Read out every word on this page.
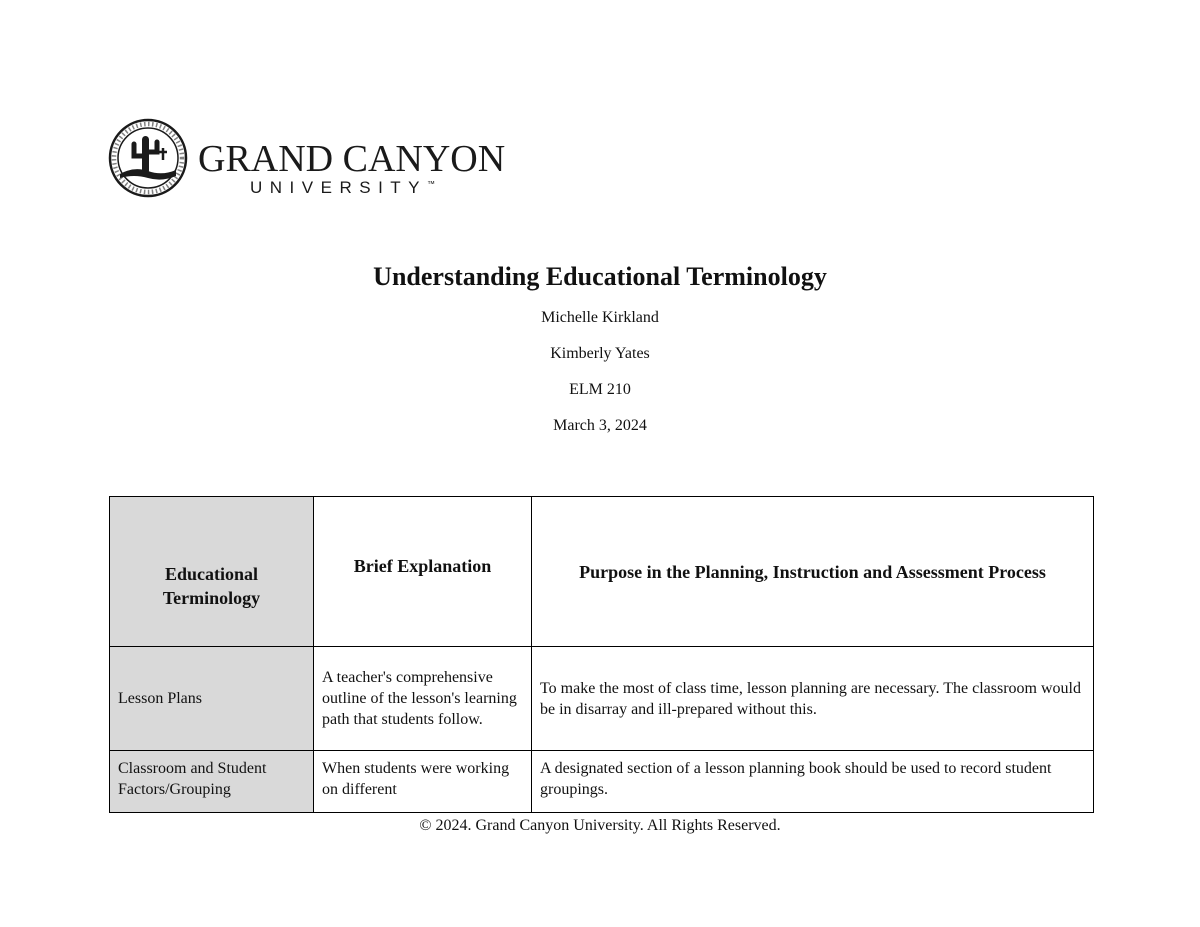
GRAND CANYON
UNIVERSITY™
Understanding Educational Terminology
Michelle Kirkland
Kimberly Yates
ELM 210
March 3, 2024
Educational Terminology	Brief Explanation	Purpose in the Planning, Instruction and Assessment Process
Lesson Plans	A teacher's comprehensive outline of the lesson's learning path that students follow.	To make the most of class time, lesson planning are necessary. The classroom would be in disarray and ill-prepared without this.
Classroom and Student Factors/Grouping	When students were working on different	A designated section of a lesson planning book should be used to record student groupings.
© 2024. Grand Canyon University. All Rights Reserved.
